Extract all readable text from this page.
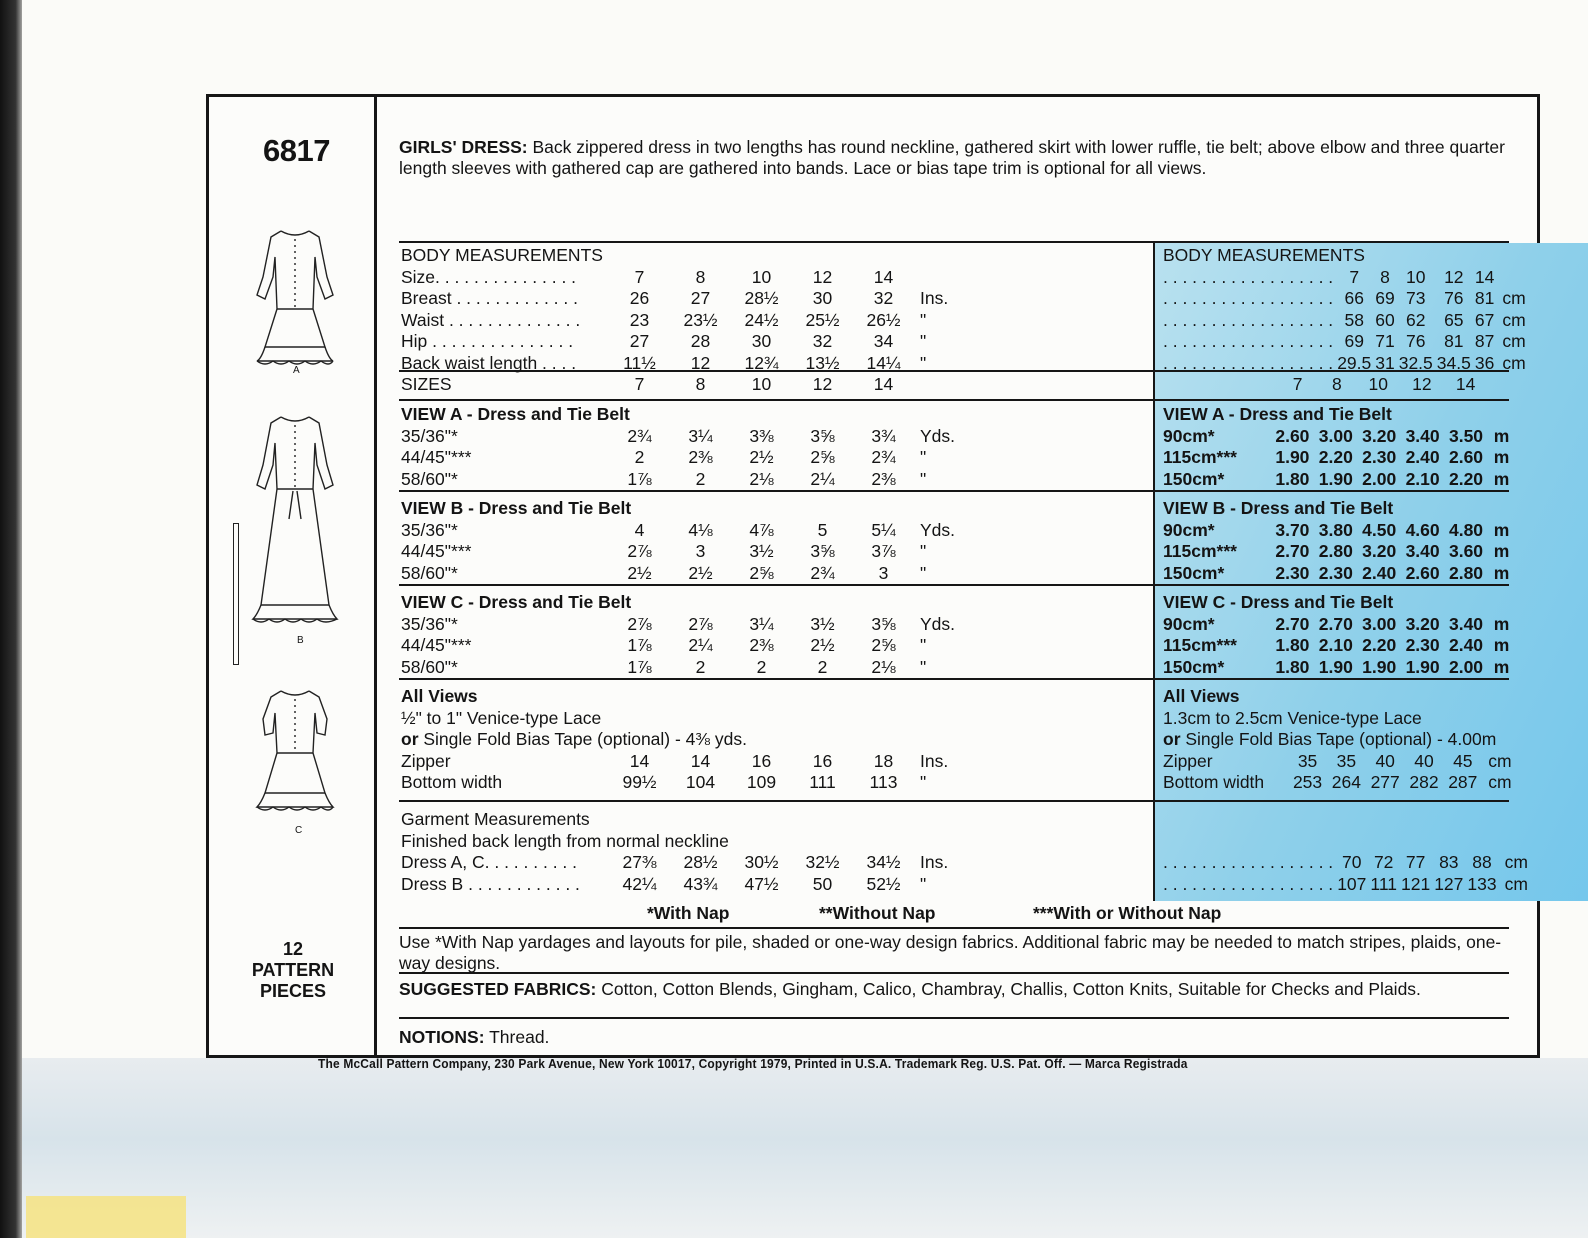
6817
A
B
C
12
PATTERN
PIECES
GIRLS' DRESS: Back zippered dress in two lengths has round neckline, gathered skirt with lower ruffle, tie belt; above elbow and three quarter length sleeves with gathered cap are gathered into bands. Lace or bias tape trim is optional for all views.
BODY MEASUREMENTS						
Size. . . . . . . . . . . . . . .	7	8	10	12	14	
Breast . . . . . . . . . . . . .	26	27	28½	30	32	Ins.
Waist . . . . . . . . . . . . . .	23	23½	24½	25½	26½	"
Hip . . . . . . . . . . . . . . .	27	28	30	32	34	"
Back waist length . . . .	11½	12	12¾	13½	14¼	"
SIZES	7	8	10	12	14	
VIEW A - Dress and Tie Belt						
35/36"*	2¾	3¼	3⅜	3⅝	3¾	Yds.
44/45"***	2	2⅜	2½	2⅝	2¾	"
58/60"*	1⅞	2	2⅛	2¼	2⅜	"
VIEW B - Dress and Tie Belt						
35/36"*	4	4⅛	4⅞	5	5¼	Yds.
44/45"***	2⅞	3	3½	3⅝	3⅞	"
58/60"*	2½	2½	2⅝	2¾	3	"
VIEW C - Dress and Tie Belt						
35/36"*	2⅞	2⅞	3¼	3½	3⅝	Yds.
44/45"***	1⅞	2¼	2⅜	2½	2⅝	"
58/60"*	1⅞	2	2	2	2⅛	"
All Views						
½" to 1" Venice-type Lace						
or Single Fold Bias Tape (optional) - 4⅜ yds.						
Zipper	14	14	16	16	18	Ins.
Bottom width	99½	104	109	111	113	"
Garment Measurements						
Finished back length from normal neckline						
Dress A, C. . . . . . . . . .	27⅜	28½	30½	32½	34½	Ins.
Dress B . . . . . . . . . . . .	42¼	43¾	47½	50	52½	"
BODY MEASUREMENTS						
. . . . . . . . . . . . . . . . . .	7	8	10	12	14	
. . . . . . . . . . . . . . . . . .	66	69	73	76	81	cm
. . . . . . . . . . . . . . . . . .	58	60	62	65	67	cm
. . . . . . . . . . . . . . . . . .	69	71	76	81	87	cm
. . . . . . . . . . . . . . . . . .	29.5	31	32.5	34.5	36	cm
	7	8	10	12	14	
VIEW A - Dress and Tie Belt						
90cm*	2.60	3.00	3.20	3.40	3.50	m
115cm***	1.90	2.20	2.30	2.40	2.60	m
150cm*	1.80	1.90	2.00	2.10	2.20	m
VIEW B - Dress and Tie Belt						
90cm*	3.70	3.80	4.50	4.60	4.80	m
115cm***	2.70	2.80	3.20	3.40	3.60	m
150cm*	2.30	2.30	2.40	2.60	2.80	m
VIEW C - Dress and Tie Belt						
90cm*	2.70	2.70	3.00	3.20	3.40	m
115cm***	1.80	2.10	2.20	2.30	2.40	m
150cm*	1.80	1.90	1.90	1.90	2.00	m
All Views						
1.3cm to 2.5cm Venice-type Lace						
or Single Fold Bias Tape (optional) - 4.00m						
Zipper	35	35	40	40	45	cm
Bottom width	253	264	277	282	287	cm
. . . . . . . . . . . . . . . . . .	70	72	77	83	88	cm
. . . . . . . . . . . . . . . . . .	107	111	121	127	133	cm
*With Nap	**Without Nap	***With or Without Nap
Use *With Nap yardages and layouts for pile, shaded or one-way design fabrics. Additional fabric may be needed to match stripes, plaids, one-way designs.
SUGGESTED FABRICS: Cotton, Cotton Blends, Gingham, Calico, Chambray, Challis, Cotton Knits, Suitable for Checks and Plaids.
NOTIONS: Thread.
The McCall Pattern Company, 230 Park Avenue, New York 10017, Copyright 1979, Printed in U.S.A. Trademark Reg. U.S. Pat. Off. — Marca Registrada
